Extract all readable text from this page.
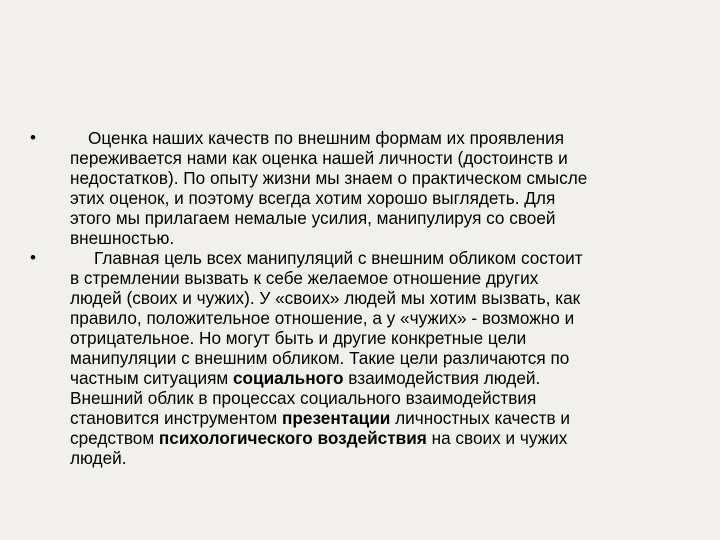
•	Оценка наших качеств по внешним формам их проявления
переживается нами как оценка нашей личности (достоинств и
недостатков). По опыту жизни мы знаем о практическом смысле
этих оценок, и поэтому всегда хотим хорошо выглядеть. Для
этого мы прилагаем немалые усилия, манипулируя со своей
внешностью.
•	Главная цель всех манипуляций с внешним обликом состоит
в стремлении вызвать к себе желаемое отношение других
людей (своих и чужих). У «своих» людей мы хотим вызвать, как
правило, положительное отношение, а у «чужих» - возможно и
отрицательное. Но могут быть и другие конкретные цели
манипуляции с внешним обликом. Такие цели различаются по
частным ситуациям социального взаимодействия людей.
Внешний облик в процессах социального взаимодействия
становится инструментом презентации личностных качеств и
средством психологического воздействия на своих и чужих
людей.
